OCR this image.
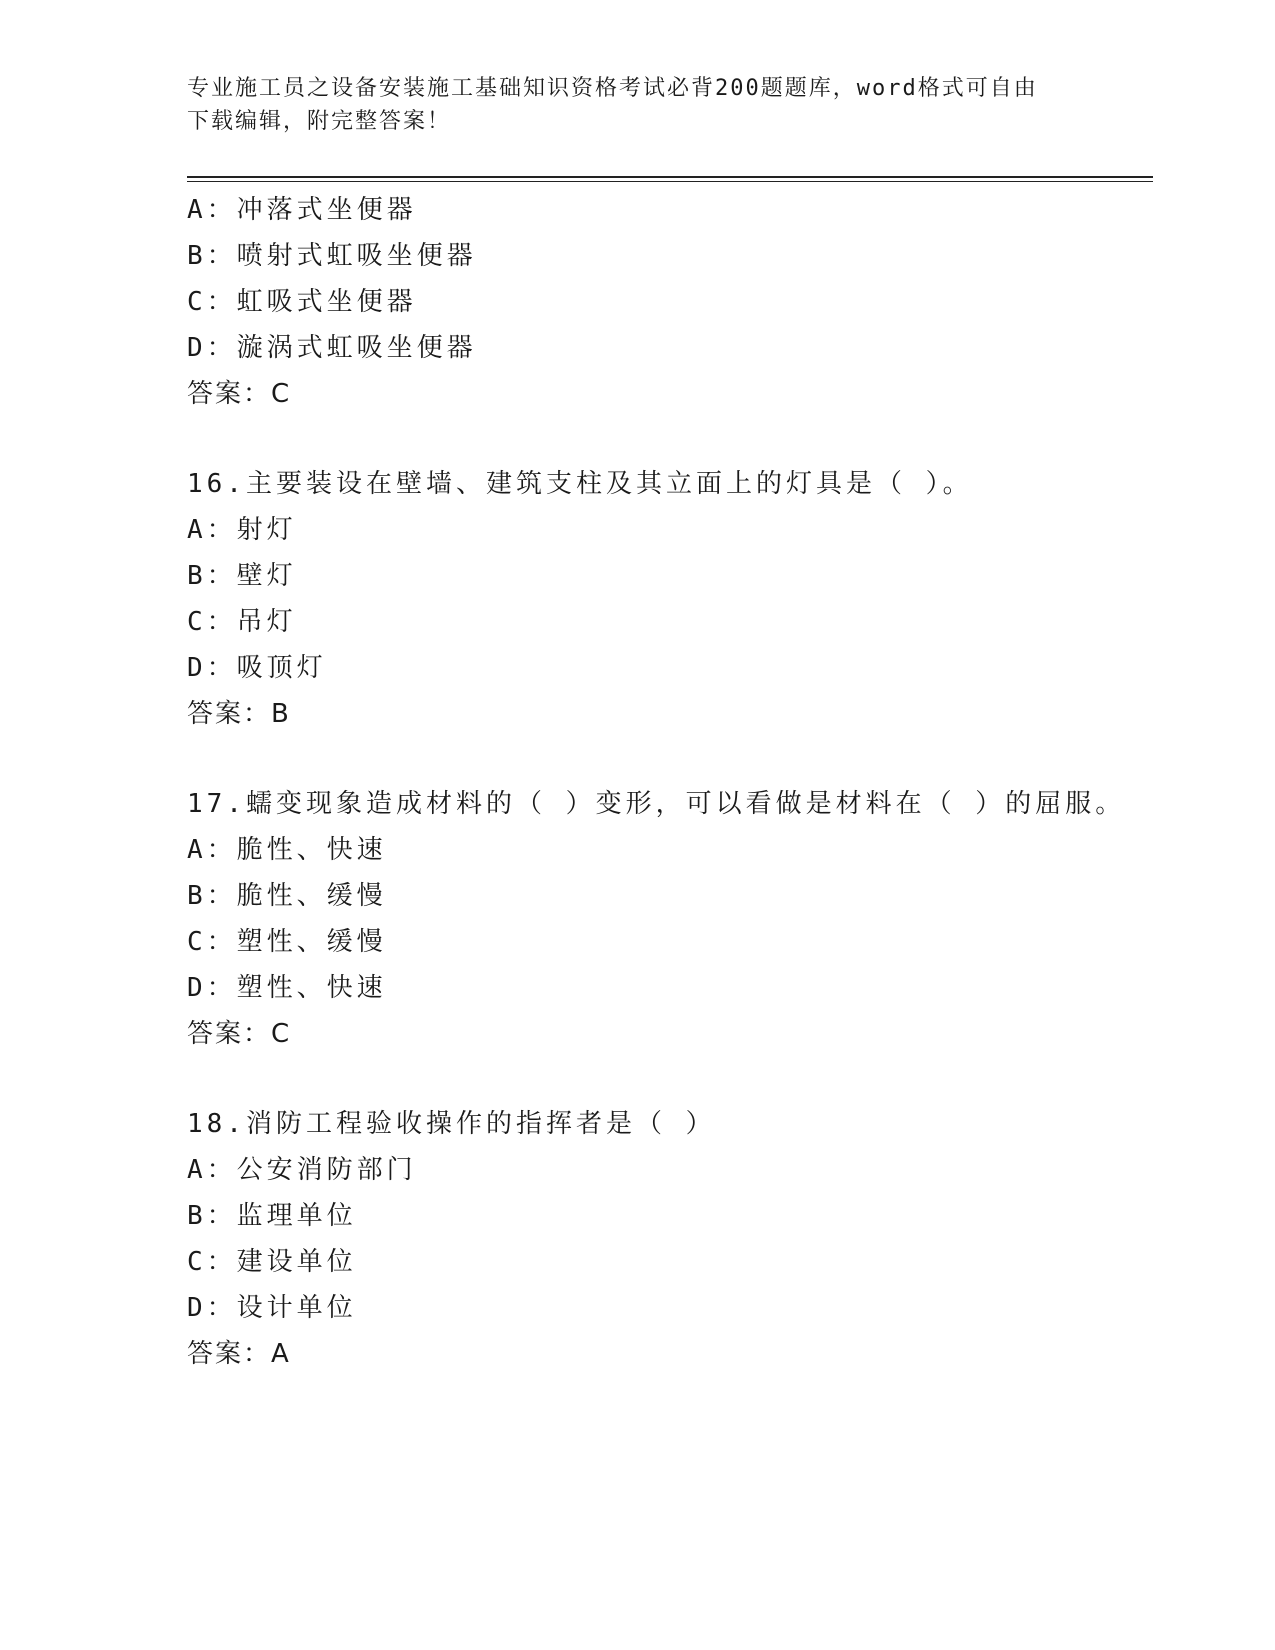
专业施工员之设备安装施工基础知识资格考试必背200题题库，word格式可自由
下载编辑，附完整答案！
A：冲落式坐便器
B：喷射式虹吸坐便器
C：虹吸式坐便器
D：漩涡式虹吸坐便器
答案：C
16.主要装设在壁墙、建筑支柱及其立面上的灯具是（ ）。
A：射灯
B：壁灯
C：吊灯
D：吸顶灯
答案：B
17.蠕变现象造成材料的（ ）变形，可以看做是材料在（ ）的屈服。
A：脆性、快速
B：脆性、缓慢
C：塑性、缓慢
D：塑性、快速
答案：C
18.消防工程验收操作的指挥者是（ ）
A：公安消防部门
B：监理单位
C：建设单位
D：设计单位
答案：A
